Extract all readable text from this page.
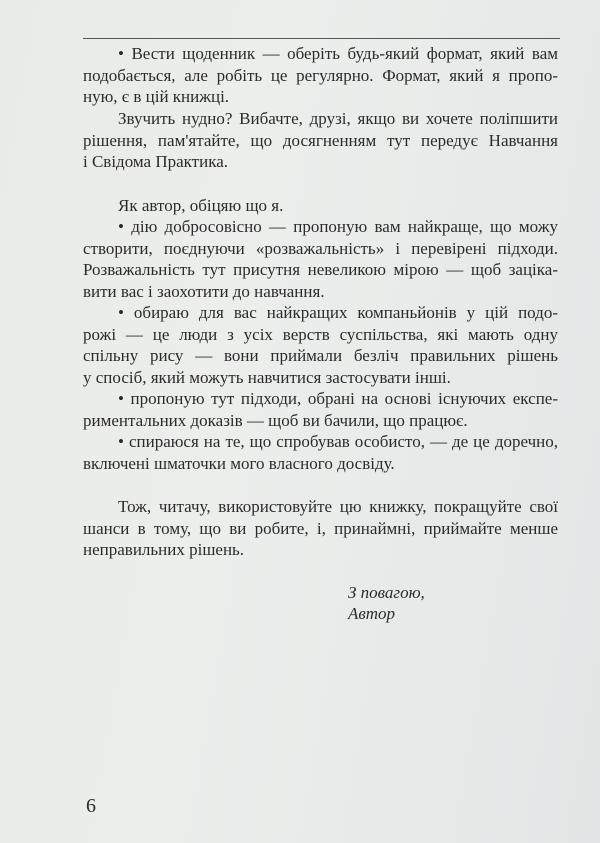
• Вести щоденник — оберіть будь-який формат, який вам
подобається, але робіть це регулярно. Формат, який я пропо-
ную, є в цій книжці.
Звучить нудно? Вибачте, друзі, якщо ви хочете поліпшити
рішення, пам'ятайте, що досягненням тут передує Навчання
і Свідома Практика.
Як автор, обіцяю що я.
• дію добросовісно — пропоную вам найкраще, що можу
створити, поєднуючи «розважальність» і перевірені підходи.
Розважальність тут присутня невеликою мірою — щоб заціка-
вити вас і заохотити до навчання.
• обираю для вас найкращих компаньйонів у цій подо-
рожі — це люди з усіх верств суспільства, які мають одну
спільну рису — вони приймали безліч правильних рішень
у спосіб, який можуть навчитися застосувати інші.
• пропоную тут підходи, обрані на основі існуючих експе-
риментальних доказів — щоб ви бачили, що працює.
• спираюся на те, що спробував особисто, — де це доречно,
включені шматочки мого власного досвіду.
Тож, читачу, використовуйте цю книжку, покращуйте свої
шанси в тому, що ви робите, і, принаймні, приймайте менше
неправильних рішень.
З повагою,
Автор
6
